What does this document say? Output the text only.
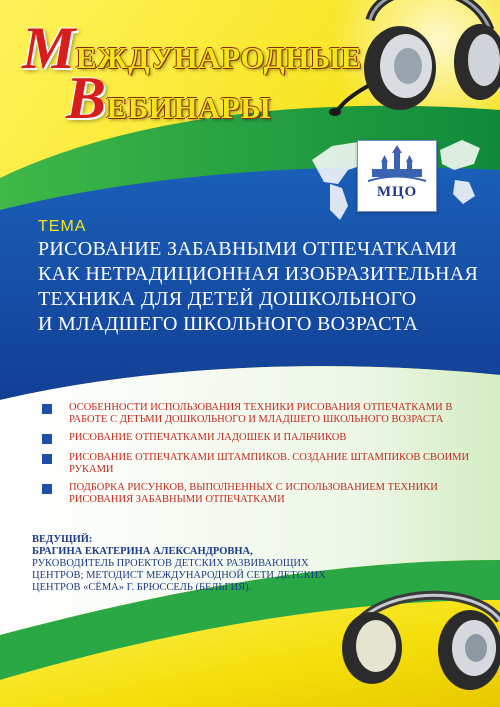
МЕЖДУНАРОДНЫЕ
ВЕБИНАРЫ
МЦО
ТЕМА
РИСОВАНИЕ ЗАБАВНЫМИ ОТПЕЧАТКАМИ
КАК НЕТРАДИЦИОННАЯ ИЗОБРАЗИТЕЛЬНАЯ
ТЕХНИКА ДЛЯ ДЕТЕЙ ДОШКОЛЬНОГО
И МЛАДШЕГО ШКОЛЬНОГО ВОЗРАСТА
ОСОБЕННОСТИ ИСПОЛЬЗОВАНИЯ ТЕХНИКИ РИСОВАНИЯ ОТПЕЧАТКАМИ В РАБОТЕ С ДЕТЬМИ ДОШКОЛЬНОГО И МЛАДШЕГО ШКОЛЬНОГО ВОЗРАСТА
РИСОВАНИЕ ОТПЕЧАТКАМИ ЛАДОШЕК И ПАЛЬЧИКОВ
РИСОВАНИЕ ОТПЕЧАТКАМИ ШТАМПИКОВ. СОЗДАНИЕ ШТАМПИКОВ СВОИМИ РУКАМИ
ПОДБОРКА РИСУНКОВ, ВЫПОЛНЕННЫХ С ИСПОЛЬЗОВАНИЕМ ТЕХНИКИ РИСОВАНИЯ ЗАБАВНЫМИ ОТПЕЧАТКАМИ
ВЕДУЩИЙ:
БРАГИНА ЕКАТЕРИНА АЛЕКСАНДРОВНА, РУКОВОДИТЕЛЬ ПРОЕКТОВ ДЕТСКИХ РАЗВИВАЮЩИХ ЦЕНТРОВ; МЕТОДИСТ МЕЖДУНАРОДНОЙ СЕТИ ДЕТСКИХ ЦЕНТРОВ «СЁМА» Г. БРЮССЕЛЬ (БЕЛЬГИЯ).
